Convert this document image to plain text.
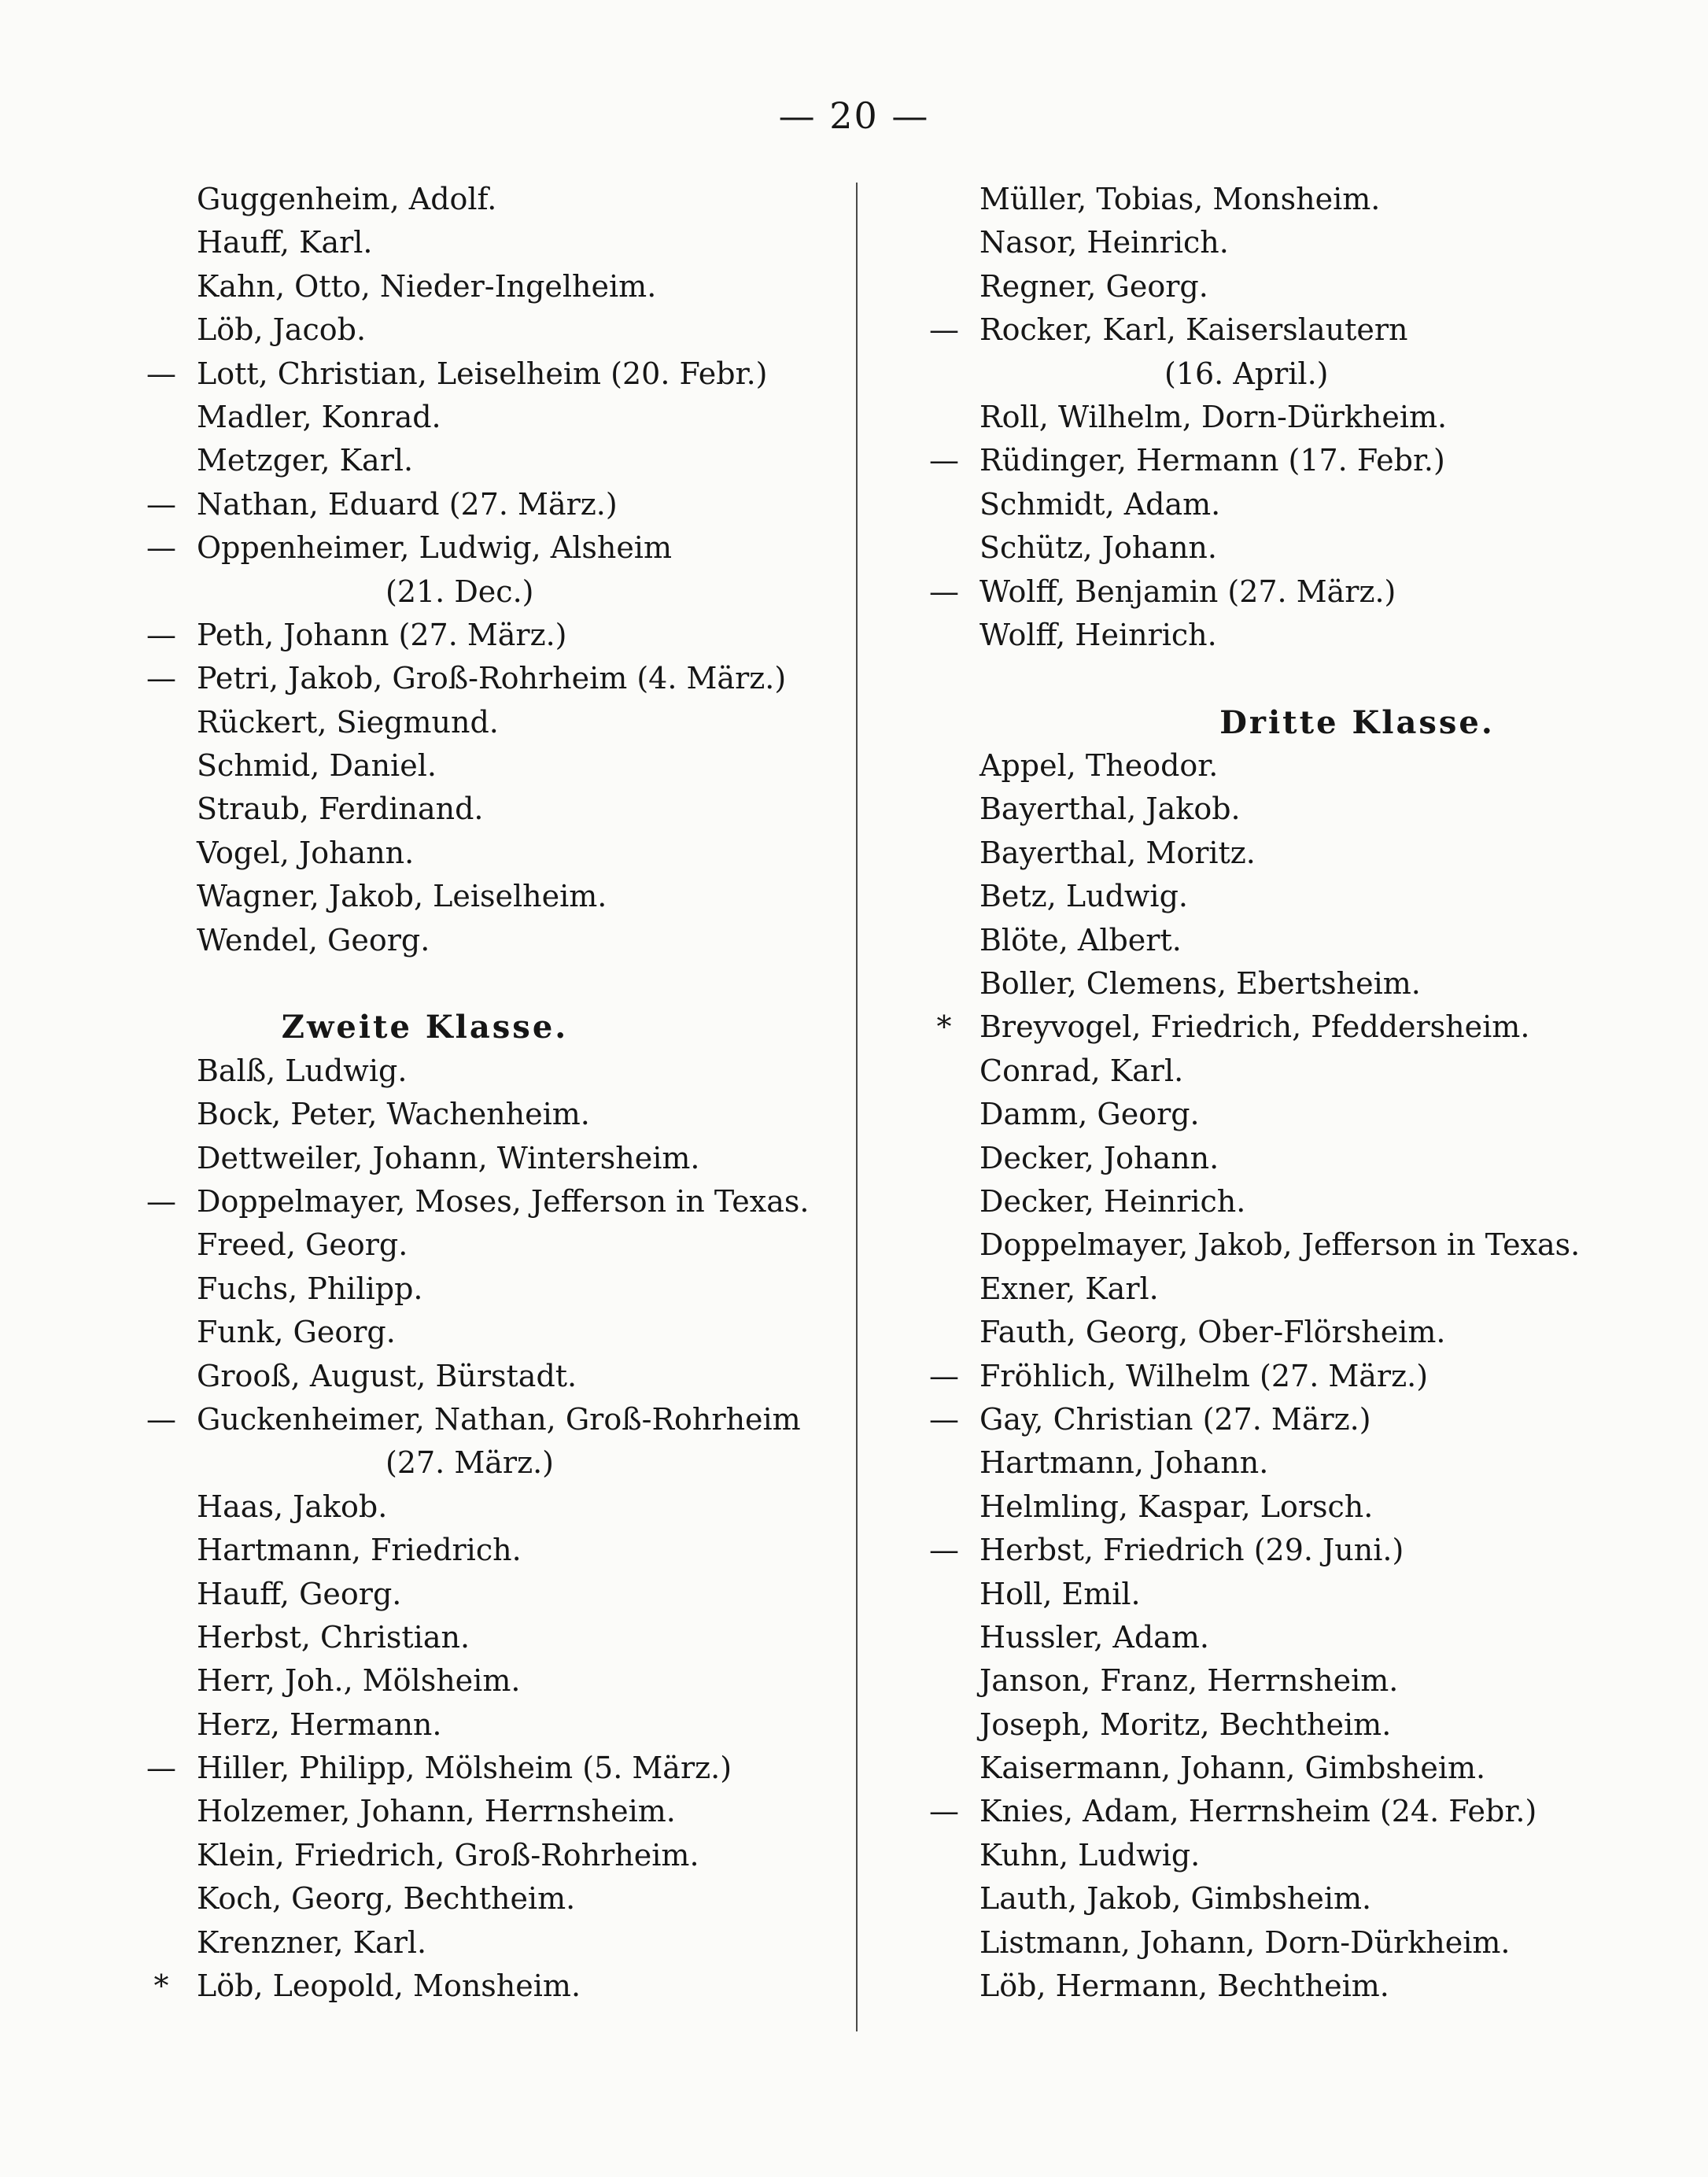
— 20 —
Guggenheim, Adolf.
Hauff, Karl.
Kahn, Otto, Nieder-Ingelheim.
Löb, Jacob.
— Lott, Christian, Leiselheim (20. Febr.)
Madler, Konrad.
Metzger, Karl.
— Nathan, Eduard (27. März.)
— Oppenheimer, Ludwig, Alsheim
(21. Dec.)
— Peth, Johann (27. März.)
— Petri, Jakob, Groß-Rohrheim (4. März.)
Rückert, Siegmund.
Schmid, Daniel.
Straub, Ferdinand.
Vogel, Johann.
Wagner, Jakob, Leiselheim.
Wendel, Georg.
Zweite Klasse.
Balß, Ludwig.
Bock, Peter, Wachenheim.
Dettweiler, Johann, Wintersheim.
— Doppelmayer, Moses, Jefferson in Texas.
Freed, Georg.
Fuchs, Philipp.
Funk, Georg.
Grooß, August, Bürstadt.
— Guckenheimer, Nathan, Groß-Rohrheim
(27. März.)
Haas, Jakob.
Hartmann, Friedrich.
Hauff, Georg.
Herbst, Christian.
Herr, Joh., Mölsheim.
Herz, Hermann.
— Hiller, Philipp, Mölsheim (5. März.)
Holzemer, Johann, Herrnsheim.
Klein, Friedrich, Groß-Rohrheim.
Koch, Georg, Bechtheim.
Krenzner, Karl.
* Löb, Leopold, Monsheim.
Müller, Tobias, Monsheim.
Nasor, Heinrich.
Regner, Georg.
— Rocker, Karl, Kaiserslautern
(16. April.)
Roll, Wilhelm, Dorn-Dürkheim.
— Rüdinger, Hermann (17. Febr.)
Schmidt, Adam.
Schütz, Johann.
— Wolff, Benjamin (27. März.)
Wolff, Heinrich.
Dritte Klasse.
Appel, Theodor.
Bayerthal, Jakob.
Bayerthal, Moritz.
Betz, Ludwig.
Blöte, Albert.
Boller, Clemens, Ebertsheim.
* Breyvogel, Friedrich, Pfeddersheim.
Conrad, Karl.
Damm, Georg.
Decker, Johann.
Decker, Heinrich.
Doppelmayer, Jakob, Jefferson in Texas.
Exner, Karl.
Fauth, Georg, Ober-Flörsheim.
— Fröhlich, Wilhelm (27. März.)
— Gay, Christian (27. März.)
Hartmann, Johann.
Helmling, Kaspar, Lorsch.
— Herbst, Friedrich (29. Juni.)
Holl, Emil.
Hussler, Adam.
Janson, Franz, Herrnsheim.
Joseph, Moritz, Bechtheim.
Kaisermann, Johann, Gimbsheim.
— Knies, Adam, Herrnsheim (24. Febr.)
Kuhn, Ludwig.
Lauth, Jakob, Gimbsheim.
Listmann, Johann, Dorn-Dürkheim.
Löb, Hermann, Bechtheim.
